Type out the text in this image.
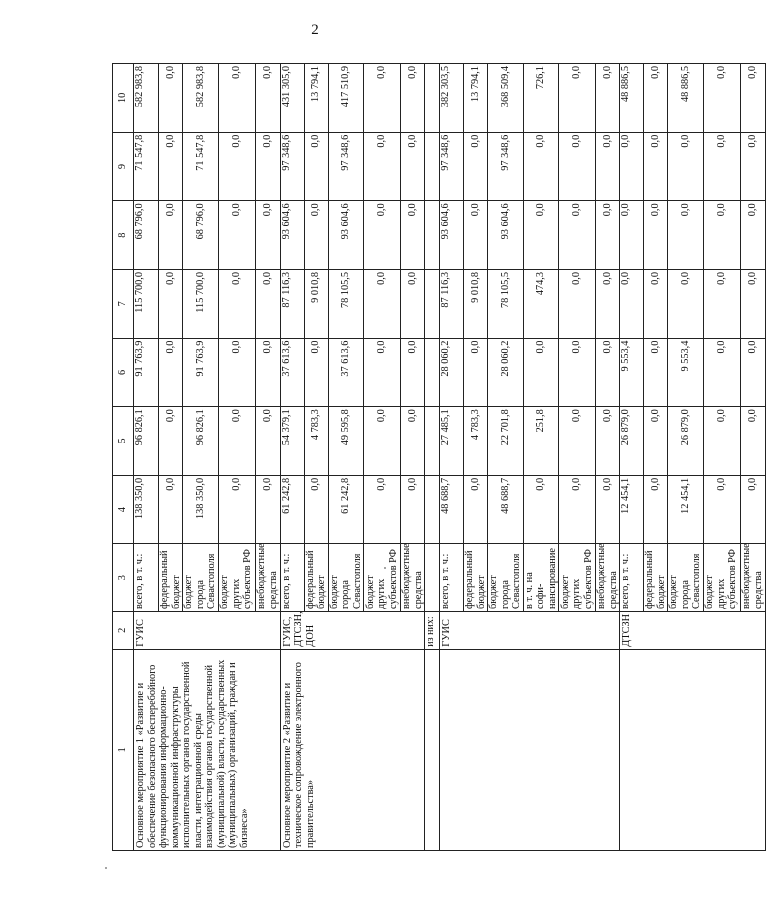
2
1	2	3	4	5	6	7	8	9	10
Основное мероприятие 1 «Развитие и обеспечение безопасного бесперебойного функционирования информационно-коммуникационной инфраструктуры исполнительных органов государственной власти, интеграционной среды взаимодействия органов государственной (муниципальной) власти, государственных (муниципальных) организаций, граждан и бизнеса»	ГУИС	всего, в т. ч.:	138 350,0	96 826,1	91 763,9	115 700,0	68 796,0	71 547,8	582 983,8
		федеральный бюджет	0,0	0,0	0,0	0,0	0,0	0,0	0,0
		бюджет города Севастополя	138 350,0	96 826,1	91 763,9	115 700,0	68 796,0	71 547,8	582 983,8
		бюджет других субъектов РФ	0,0	0,0	0,0	0,0	0,0	0,0	0,0
		внебюджетные средства	0,0	0,0	0,0	0,0	0,0	0,0	0,0
Основное мероприятие 2 «Развитие и техническое сопровождение электронного правительства»	ГУИС, ДТСЗН, ДОН	всего, в т. ч.:	61 242,8	54 379,1	37 613,6	87 116,3	93 604,6	97 348,6	431 305,0
		федеральный бюджет	0,0	4 783,3	0,0	9 010,8	0,0	0,0	13 794,1
		бюджет города Севастополя	61 242,8	49 595,8	37 613,6	78 105,5	93 604,6	97 348,6	417 510,9
		бюджет других субъектов РФ	0,0	0,0	0,0	0,0	0,0	0,0	0,0
		внебюджетные средства	0,0	0,0	0,0	0,0	0,0	0,0	0,0
	из них:								
	ГУИС	всего, в т. ч.:	48 688,7	27 485,1	28 060,2	87 116,3	93 604,6	97 348,6	382 303,5
		федеральный бюджет	0,0	4 783,3	0,0	9 010,8	0,0	0,0	13 794,1
		бюджет города Севастополя	48 688,7	22 701,8	28 060,2	78 105,5	93 604,6	97 348,6	368 509,4
		в т. ч. на софи-нансирование	0,0	251,8	0,0	474,3	0,0	0,0	726,1
		бюджет других субъектов РФ	0,0	0,0	0,0	0,0	0,0	0,0	0,0
		внебюджетные средства	0,0	0,0	0,0	0,0	0,0	0,0	0,0
	ДТСЗН	всего, в т. ч.:	12 454,1	26 879,0	9 553,4	0,0	0,0	0,0	48 886,5
		федеральный бюджет	0,0	0,0	0,0	0,0	0,0	0,0	0,0
		бюджет города Севастополя	12 454,1	26 879,0	9 553,4	0,0	0,0	0,0	48 886,5
		бюджет других субъектов РФ	0,0	0,0	0,0	0,0	0,0	0,0	0,0
		внебюджетные средства	0,0	0,0	0,0	0,0	0,0	0,0	0,0
